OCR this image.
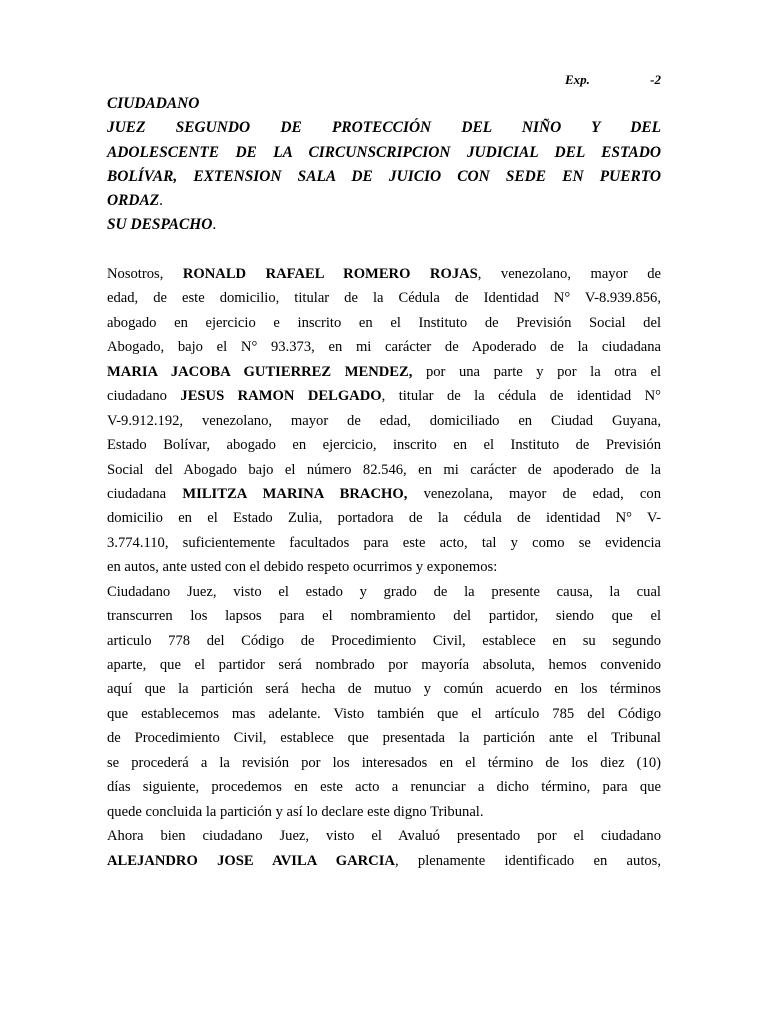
Exp.	-2
CIUDADANO
JUEZ SEGUNDO DE PROTECCIÓN DEL NIÑO Y DEL
ADOLESCENTE DE LA CIRCUNSCRIPCION JUDICIAL DEL ESTADO
BOLÍVAR, EXTENSION SALA DE JUICIO CON SEDE EN PUERTO
ORDAZ.
SU DESPACHO.
Nosotros, RONALD RAFAEL ROMERO ROJAS, venezolano, mayor de
edad, de este domicilio, titular de la Cédula de Identidad N° V-8.939.856,
abogado en ejercicio e inscrito en el Instituto de Previsión Social del
Abogado, bajo el N° 93.373, en mi carácter de Apoderado de la ciudadana
MARIA JACOBA GUTIERREZ MENDEZ, por una parte y por la otra el
ciudadano JESUS RAMON DELGADO, titular de la cédula de identidad N°
V-9.912.192, venezolano, mayor de edad, domiciliado en Ciudad Guyana,
Estado Bolívar, abogado en ejercicio, inscrito en el Instituto de Previsión
Social del Abogado bajo el número 82.546, en mi carácter de apoderado de la
ciudadana MILITZA MARINA BRACHO, venezolana, mayor de edad, con
domicilio en el Estado Zulia, portadora de la cédula de identidad N° V-
3.774.110, suficientemente facultados para este acto, tal y como se evidencia
en autos, ante usted con el debido respeto ocurrimos y exponemos:
Ciudadano Juez, visto el estado y grado de la presente causa, la cual
transcurren los lapsos para el nombramiento del partidor, siendo que el
articulo 778 del Código de Procedimiento Civil, establece en su segundo
aparte, que el partidor será nombrado por mayoría absoluta, hemos convenido
aquí que la partición será hecha de mutuo y común acuerdo en los términos
que establecemos mas adelante. Visto también que el artículo 785 del Código
de Procedimiento Civil, establece que presentada la partición ante el Tribunal
se procederá a la revisión por los interesados en el término de los diez (10)
días siguiente, procedemos en este acto a renunciar a dicho término, para que
quede concluida la partición y así lo declare este digno Tribunal.
Ahora bien ciudadano Juez, visto el Avaluó presentado por el ciudadano
ALEJANDRO JOSE AVILA GARCIA, plenamente identificado en autos,
